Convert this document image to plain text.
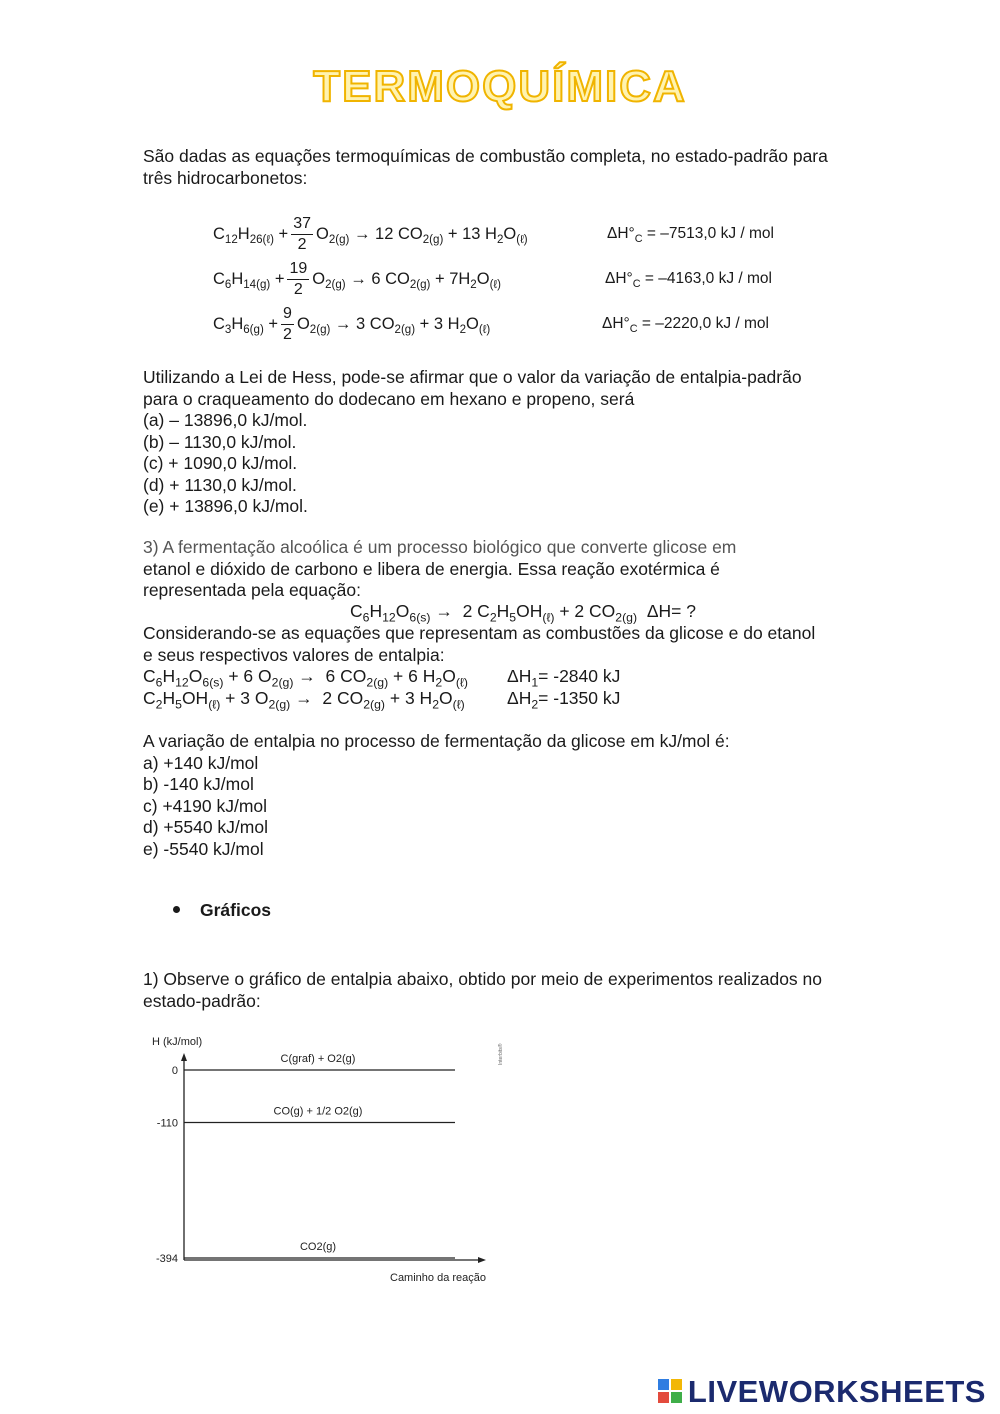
TERMOQUÍMICA
São dadas as equações termoquímicas de combustão completa, no estado-padrão para
três hidrocarbonetos:
$C_{12}H_{26(\ell)} + \frac{37}{2} O_{2(g)} \to 12$ $CO_{2(g)} + 13$ $H_2O_{(\ell)}$	$\Delta H^\circ_C = -7513,0$ kJ / mol
$C_6H_{14(g)} + \frac{19}{2} O_{2(g)} \to 6$ $CO_{2(g)} + 7H_2O_{(\ell)}$	$\Delta H^\circ_C = -4163,0$ kJ / mol
$C_3H_{6(g)} + \frac{9}{2} O_{2(g)} \to 3$ $CO_{2(g)} + 3$ $H_2O_{(\ell)}$	$\Delta H^\circ_C = -2220,0$ kJ / mol
Utilizando a Lei de Hess, pode-se afirmar que o valor da variação de entalpia-padrão
para o craqueamento do dodecano em hexano e propeno, será
(a) – 13896,0 kJ/mol.
(b) – 1130,0 kJ/mol.
(c) + 1090,0 kJ/mol.
(d) + 1130,0 kJ/mol.
(e) + 13896,0 kJ/mol.
3) A fermentação alcoólica é um processo biológico que converte glicose em
etanol e dióxido de carbono e libera de energia. Essa reação exotérmica é
representada pela equação:
$C_6H_{12}O_{6(s)} \to 2$ $C_2H_5OH_{(\ell)} + 2$ $CO_{2(g)}$ ΔH= ?
Considerando-se as equações que representam as combustões da glicose e do etanol
e seus respectivos valores de entalpia:
$C_6H_{12}O_{6(s)} + 6$ $O_{2(g)} \to 6$ $CO_{2(g)} + 6$ $H_2O_{(\ell)}$ $\Delta H_1= -2840$ kJ
$C_2H_5OH_{(\ell)} + 3$ $O_{2(g)} \to 2$ $CO_{2(g)} + 3$ $H_2O_{(\ell)}$ $\Delta H_2= -1350$ kJ
A variação de entalpia no processo de fermentação da glicose em kJ/mol é:
a) +140 kJ/mol
b) -140 kJ/mol
c) +4190 kJ/mol
d) +5540 kJ/mol
e) -5540 kJ/mol
Gráficos
1) Observe o gráfico de entalpia abaixo, obtido por meio de experimentos realizados no
estado-padrão:
H (kJ/mol)
0
C(graf) + O2(g)
-110
CO(g) + 1/2 O2(g)
-394
CO2(g)
Caminho da reação
Interbits®
LIVEWORKSHEETS
